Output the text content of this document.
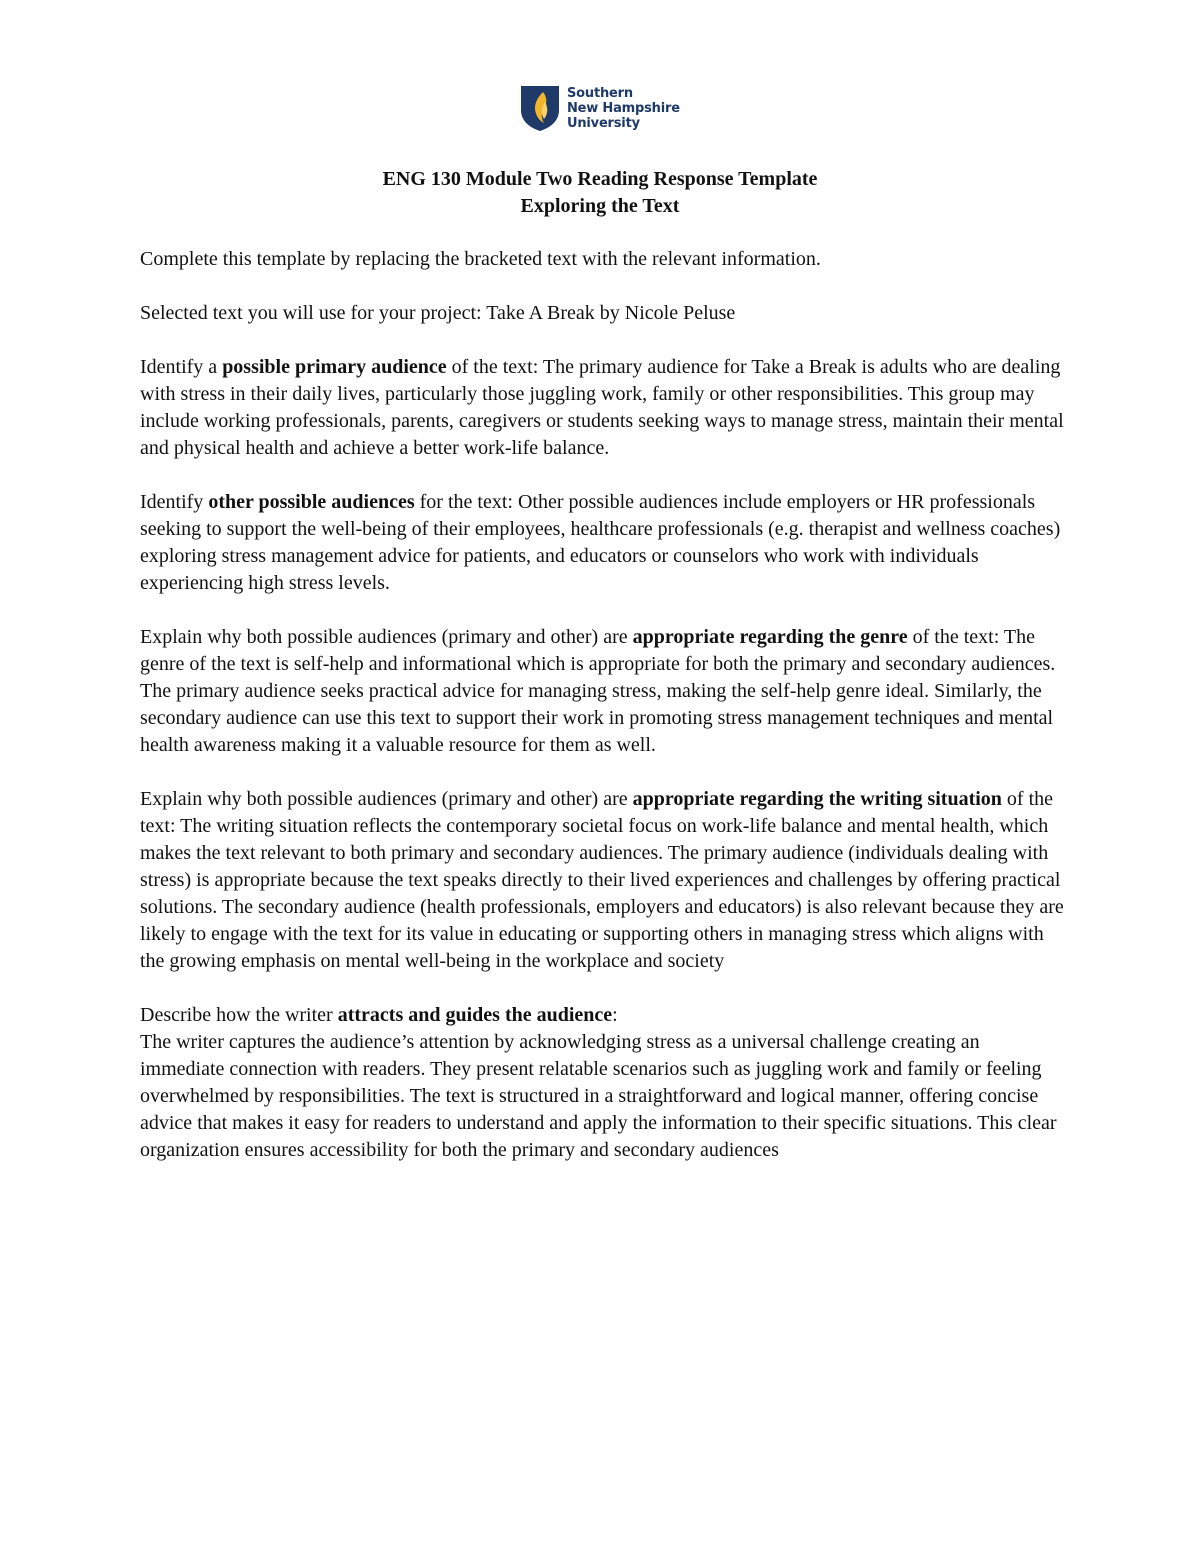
Southern
New Hampshire
University
ENG 130 Module Two Reading Response Template
Exploring the Text

Complete this template by replacing the bracketed text with the relevant information.

Selected text you will use for your project: Take A Break by Nicole Peluse

Identify a possible primary audience of the text: The primary audience for Take a Break is adults who are dealing with stress in their daily lives, particularly those juggling work, family or other responsibilities. This group may include working professionals, parents, caregivers or students seeking ways to manage stress, maintain their mental and physical health and achieve a better work-life balance.

Identify other possible audiences for the text: Other possible audiences include employers or HR professionals seeking to support the well-being of their employees, healthcare professionals (e.g. therapist and wellness coaches) exploring stress management advice for patients, and educators or counselors who work with individuals experiencing high stress levels.

Explain why both possible audiences (primary and other) are appropriate regarding the genre of the text: The genre of the text is self-help and informational which is appropriate for both the primary and secondary audiences. The primary audience seeks practical advice for managing stress, making the self-help genre ideal. Similarly, the secondary audience can use this text to support their work in promoting stress management techniques and mental health awareness making it a valuable resource for them as well.

Explain why both possible audiences (primary and other) are appropriate regarding the writing situation of the text: The writing situation reflects the contemporary societal focus on work-life balance and mental health, which makes the text relevant to both primary and secondary audiences. The primary audience (individuals dealing with stress) is appropriate because the text speaks directly to their lived experiences and challenges by offering practical solutions. The secondary audience (health professionals, employers and educators) is also relevant because they are likely to engage with the text for its value in educating or supporting others in managing stress which aligns with the growing emphasis on mental well-being in the workplace and society

Describe how the writer attracts and guides the audience:
The writer captures the audience’s attention by acknowledging stress as a universal challenge creating an immediate connection with readers. They present relatable scenarios such as juggling work and family or feeling overwhelmed by responsibilities. The text is structured in a straightforward and logical manner, offering concise advice that makes it easy for readers to understand and apply the information to their specific situations. This clear organization ensures accessibility for both the primary and secondary audiences
